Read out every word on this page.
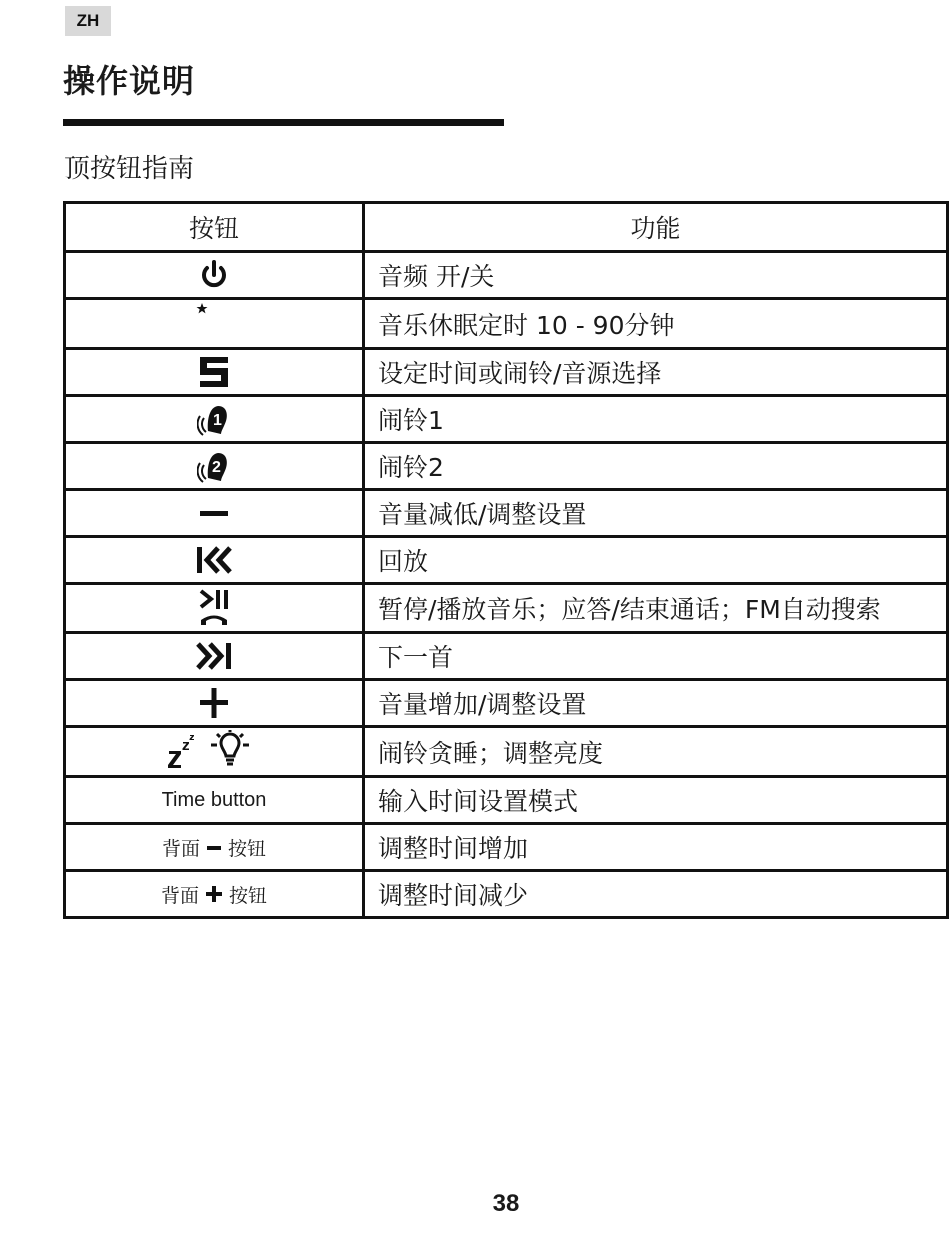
ZH
操作说明
顶按钮指南
按钮	功能

	音频 开/关

	音乐休眠定时 10 - 90分钟

	设定时间或闹铃/音源选择

1	闹铃1

2	闹铃2

	音量减低/调整设置

	回放

	暂停/播放音乐；应答/结束通话；FM自动搜索

	下一首

	音量增加/调整设置

	闹铃贪睡；调整亮度
Time button	输入时间设置模式

背面 按钮	调整时间增加

背面 按钮	调整时间减少
38
